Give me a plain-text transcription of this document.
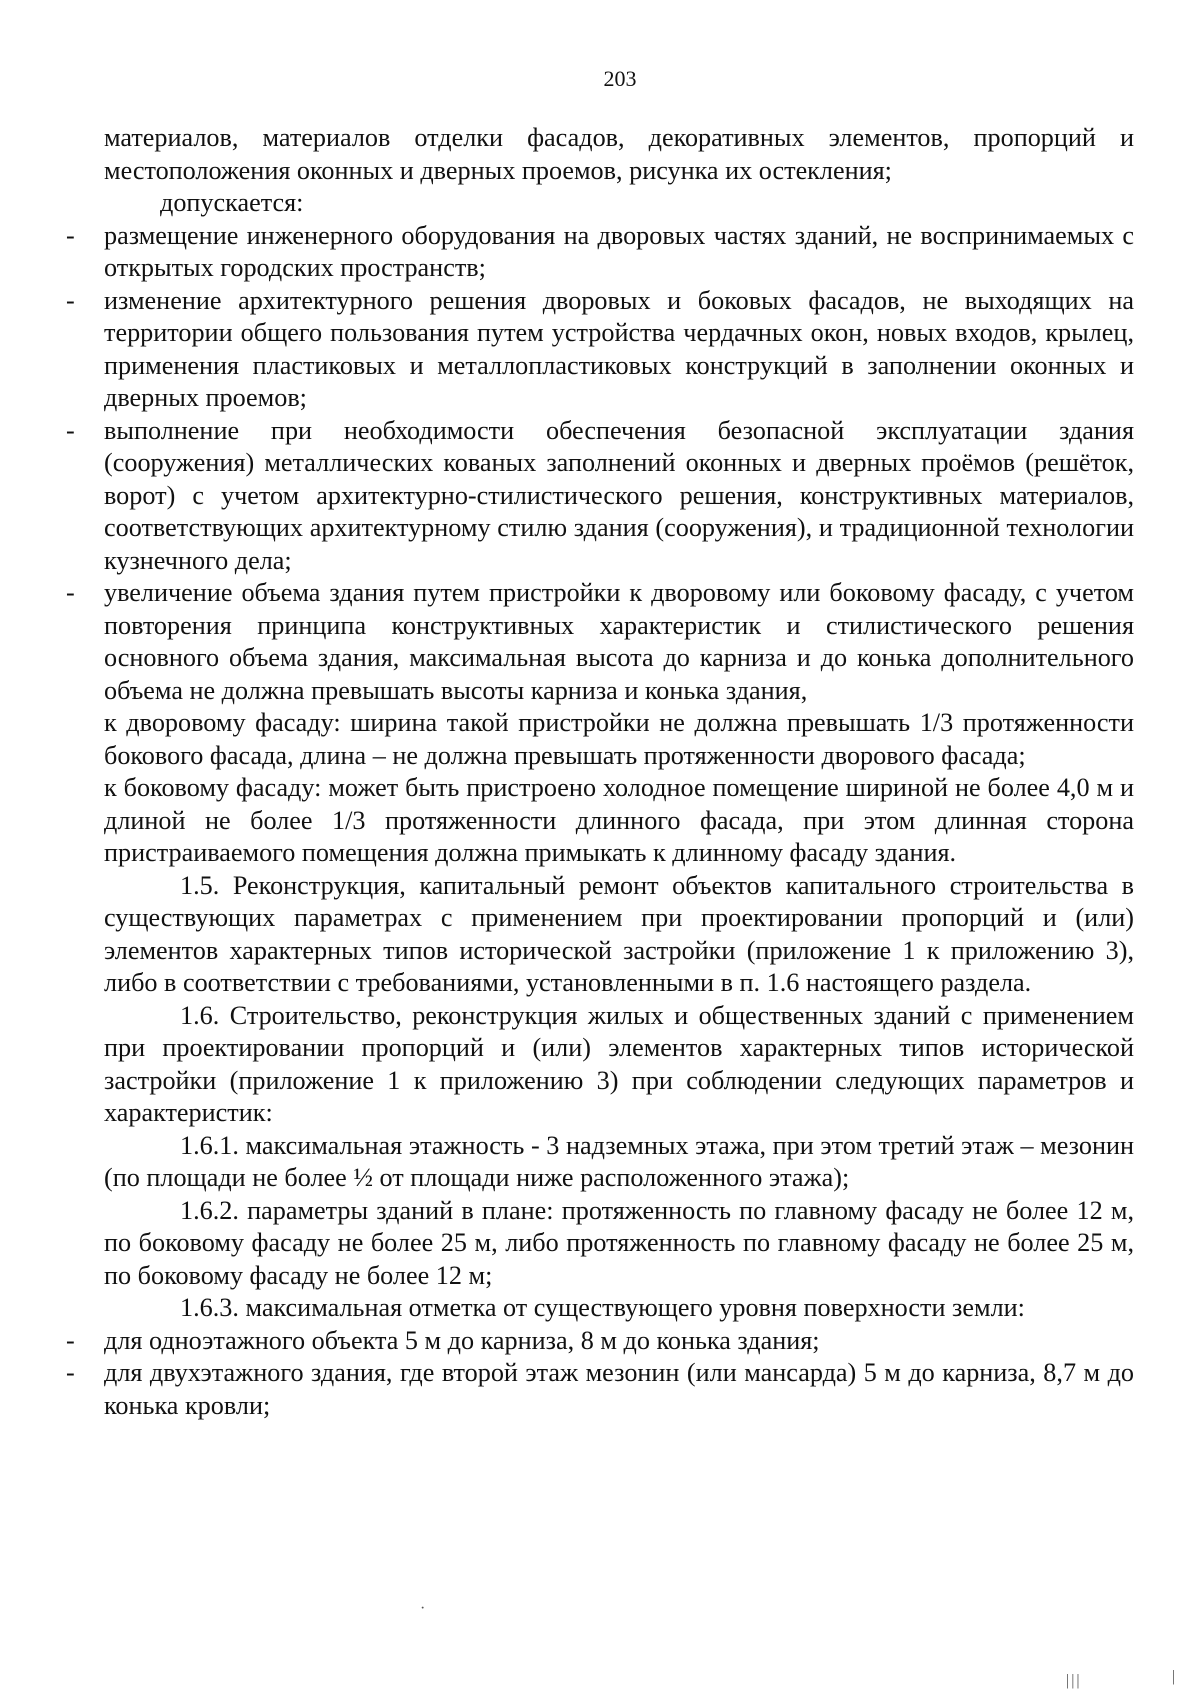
203

материалов, материалов отделки фасадов, декоративных элементов, пропорций и местоположения оконных и дверных проемов, рисунка их остекления;

допускается:

- размещение инженерного оборудования на дворовых частях зданий, не воспринимаемых с открытых городских пространств;

- изменение архитектурного решения дворовых и боковых фасадов, не выходящих на территории общего пользования путем устройства чердачных окон, новых входов, крылец, применения пластиковых и металлопластиковых конструкций в заполнении оконных и дверных проемов;

- выполнение при необходимости обеспечения безопасной эксплуатации здания (сооружения) металлических кованых заполнений оконных и дверных проёмов (решёток, ворот) с учетом архитектурно-стилистического решения, конструктивных материалов, соответствующих архитектурному стилю здания (сооружения), и традиционной технологии кузнечного дела;

- увеличение объема здания путем пристройки к дворовому или боковому фасаду, с учетом повторения принципа конструктивных характеристик и стилистического решения основного объема здания, максимальная высота до карниза и до конька дополнительного объема не должна превышать высоты карниза и конька здания,

к дворовому фасаду: ширина такой пристройки не должна превышать 1/3 протяженности бокового фасада, длина – не должна превышать протяженности дворового фасада;

к боковому фасаду: может быть пристроено холодное помещение шириной не более 4,0 м и длиной не более 1/3 протяженности длинного фасада, при этом длинная сторона пристраиваемого помещения должна примыкать к длинному фасаду здания.

1.5. Реконструкция, капитальный ремонт объектов капитального строительства в существующих параметрах с применением при проектировании пропорций и (или) элементов характерных типов исторической застройки (приложение 1 к приложению 3), либо в соответствии с требованиями, установленными в п. 1.6 настоящего раздела.

1.6. Строительство, реконструкция жилых и общественных зданий с применением при проектировании пропорций и (или) элементов характерных типов исторической застройки (приложение 1 к приложению 3) при соблюдении следующих параметров и характеристик:

1.6.1. максимальная этажность - 3 надземных этажа, при этом третий этаж – мезонин (по площади не более ½ от площади ниже расположенного этажа);

1.6.2. параметры зданий в плане: протяженность по главному фасаду не более 12 м, по боковому фасаду не более 25 м, либо протяженность по главному фасаду не более 25 м, по боковому фасаду не более 12 м;

1.6.3. максимальная отметка от существующего уровня поверхности земли:

- для одноэтажного объекта 5 м до карниза, 8 м до конька здания;

- для двухэтажного здания, где второй этаж мезонин (или мансарда) 5 м до карниза, 8,7 м до конька кровли;

·
|||	|
